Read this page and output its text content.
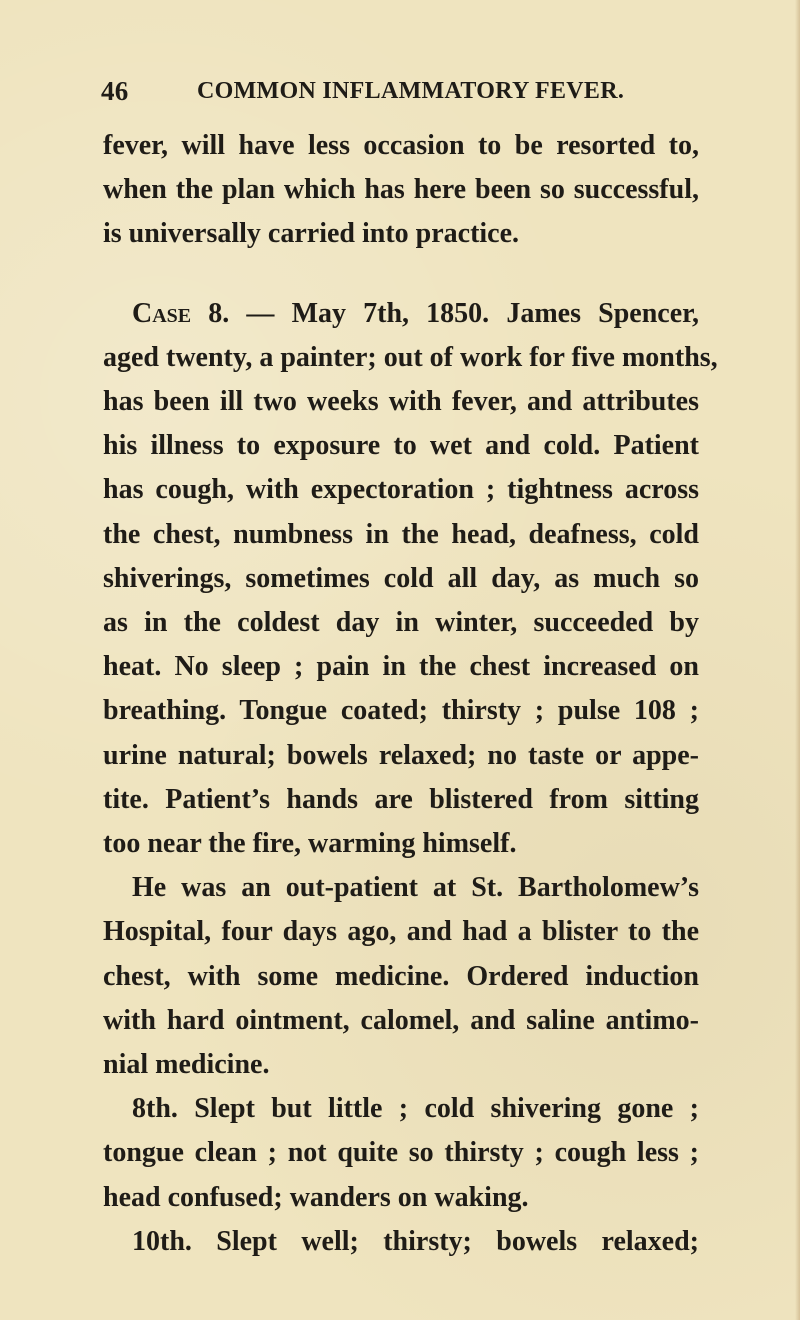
46	COMMON INFLAMMATORY FEVER.

fever, will have less occasion to be resorted to,
when the plan which has here been so successful,
is universally carried into practice.

Case 8. — May 7th, 1850. James Spencer,
aged twenty, a painter; out of work for five months,
has been ill two weeks with fever, and attributes
his illness to exposure to wet and cold. Patient
has cough, with expectoration ; tightness across
the chest, numbness in the head, deafness, cold
shiverings, sometimes cold all day, as much so
as in the coldest day in winter, succeeded by
heat. No sleep ; pain in the chest increased on
breathing. Tongue coated; thirsty ; pulse 108 ;
urine natural; bowels relaxed; no taste or appe-
tite. Patient’s hands are blistered from sitting
too near the fire, warming himself.

He was an out-patient at St. Bartholomew’s
Hospital, four days ago, and had a blister to the
chest, with some medicine. Ordered induction
with hard ointment, calomel, and saline antimo-
nial medicine.

8th. Slept but little ; cold shivering gone ;
tongue clean ; not quite so thirsty ; cough less ;
head confused; wanders on waking.

10th. Slept well; thirsty; bowels relaxed;
